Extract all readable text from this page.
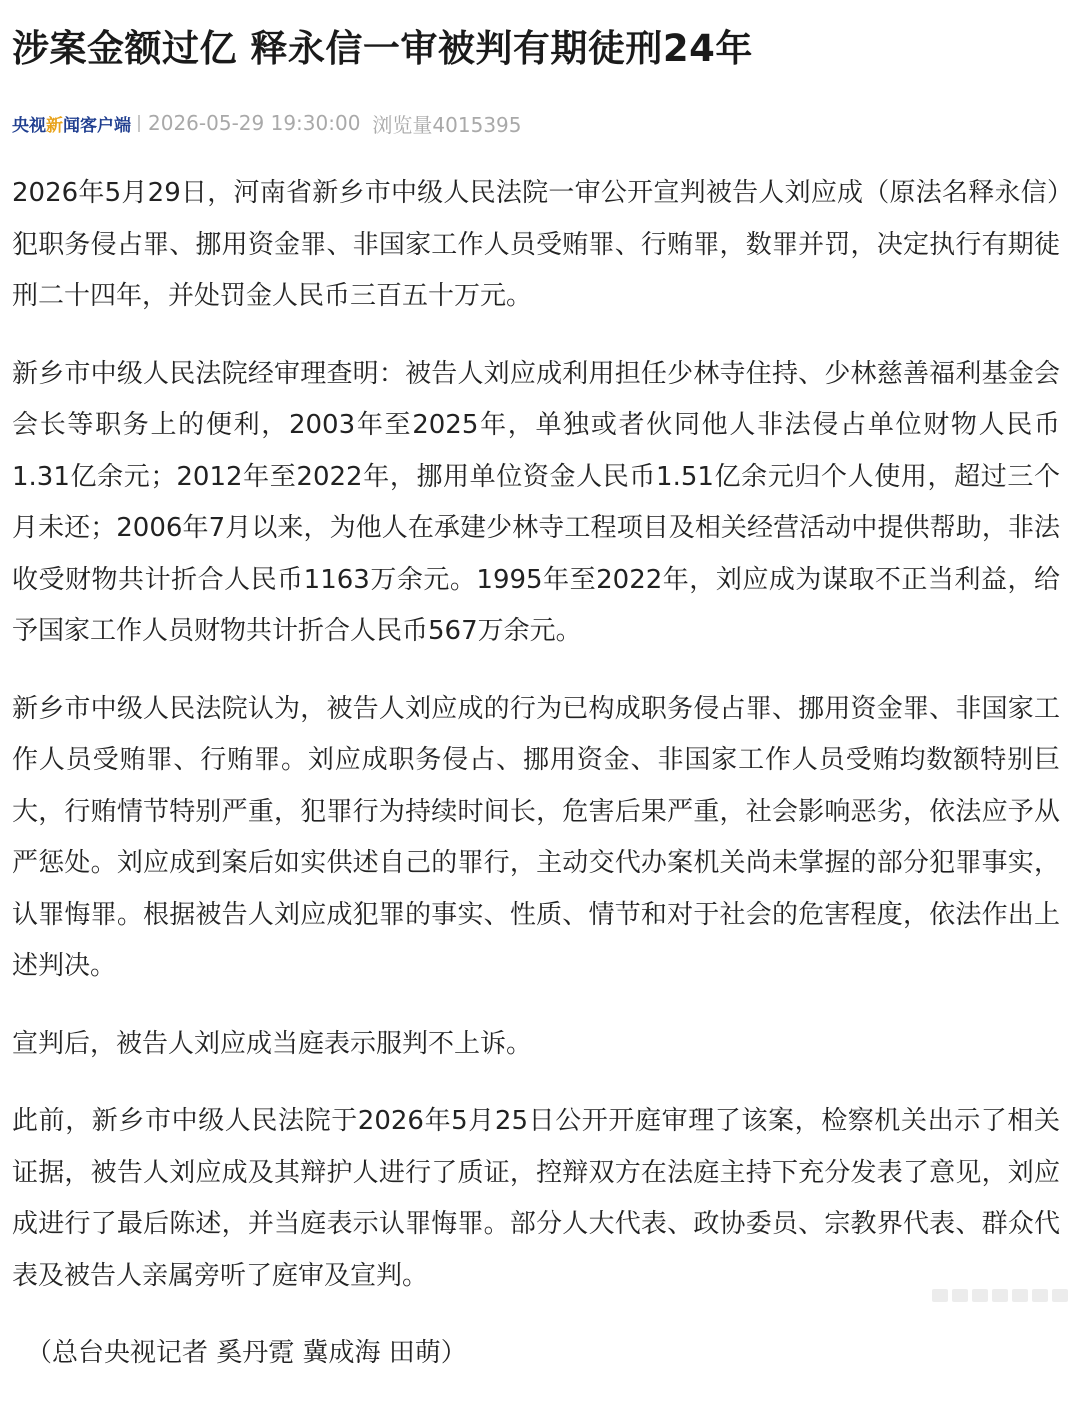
涉案金额过亿 释永信一审被判有期徒刑24年
央视 新 闻客户端 2026-05-29 19:30:00 浏览量4015395

2026年5月29日，河南省新乡市中级人民法院一审公开宣判被告人刘应成（原法名释永信）犯职务侵占罪、挪用资金罪、非国家工作人员受贿罪、行贿罪，数罪并罚，决定执行有期徒刑二十四年，并处罚金人民币三百五十万元。

新乡市中级人民法院经审理查明：被告人刘应成利用担任少林寺住持、少林慈善福利基金会会长等职务上的便利，2003年至2025年，单独或者伙同他人非法侵占单位财物人民币1.31亿余元；2012年至2022年，挪用单位资金人民币1.51亿余元归个人使用，超过三个月未还；2006年7月以来，为他人在承建少林寺工程项目及相关经营活动中提供帮助，非法收受财物共计折合人民币1163万余元。1995年至2022年，刘应成为谋取不正当利益，给予国家工作人员财物共计折合人民币567万余元。

新乡市中级人民法院认为，被告人刘应成的行为已构成职务侵占罪、挪用资金罪、非国家工作人员受贿罪、行贿罪。刘应成职务侵占、挪用资金、非国家工作人员受贿均数额特别巨大，行贿情节特别严重，犯罪行为持续时间长，危害后果严重，社会影响恶劣，依法应予从严惩处。刘应成到案后如实供述自己的罪行，主动交代办案机关尚未掌握的部分犯罪事实，认罪悔罪。根据被告人刘应成犯罪的事实、性质、情节和对于社会的危害程度，依法作出上述判决。

宣判后，被告人刘应成当庭表示服判不上诉。

此前，新乡市中级人民法院于2026年5月25日公开开庭审理了该案，检察机关出示了相关证据，被告人刘应成及其辩护人进行了质证，控辩双方在法庭主持下充分发表了意见，刘应成进行了最后陈述，并当庭表示认罪悔罪。部分人大代表、政协委员、宗教界代表、群众代表及被告人亲属旁听了庭审及宣判。

（总台央视记者 奚丹霓 冀成海 田萌）
